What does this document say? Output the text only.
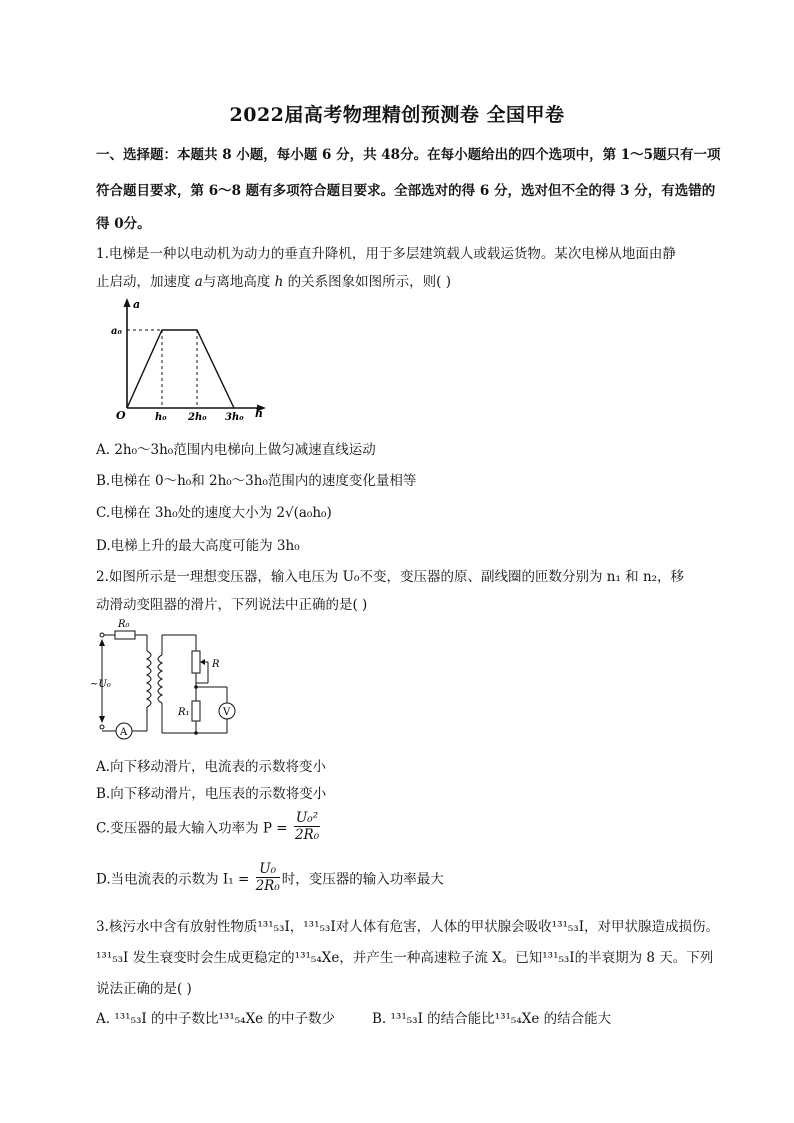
2022届高考物理精创预测卷 全国甲卷
一、选择题：本题共 8 小题，每小题 6 分，共 48分。在每小题给出的四个选项中，第 1～5题只有一项
符合题目要求，第 6～8 题有多项符合题目要求。全部选对的得 6 分，选对但不全的得 3 分，有选错的
得 0分。
1.电梯是一种以电动机为动力的垂直升降机，用于多层建筑载人或载运货物。某次电梯从地面由静
止启动，加速度 a与离地高度 h 的关系图象如图所示，则( )
a
h
O
a₀
h₀ 2h₀ 3h₀
A. 2h₀～3h₀范围内电梯向上做匀减速直线运动
B.电梯在 0～h₀和 2h₀～3h₀范围内的速度变化量相等
C.电梯在 3h₀处的速度大小为 2√(a₀h₀)
D.电梯上升的最大高度可能为 3h₀
2.如图所示是一理想变压器，输入电压为 U₀不变，变压器的原、副线圈的匝数分别为 n₁ 和 n₂，移
动滑动变阻器的滑片，下列说法中正确的是( )
R₀
~U₀
R
R₁
A
V
A.向下移动滑片，电流表的示数将变小
B.向下移动滑片，电压表的示数将变小
C.变压器的最大输入功率为 $P = \frac{\text{U₀²}}{\text{2R₀}}$
D.当电流表的示数为 $I_1 = \frac{\text{U₀}}{\text{2R₀}}$ 时，变压器的输入功率最大
3.核污水中含有放射性物质¹³¹₅₃I，¹³¹₅₃I对人体有危害，人体的甲状腺会吸收¹³¹₅₃I，对甲状腺造成损伤。
¹³¹₅₃I 发生衰变时会生成更稳定的¹³¹₅₄Xe，并产生一种高速粒子流 X。已知¹³¹₅₃I的半衰期为 8 天。下列
说法正确的是( )
A. ¹³¹₅₃I 的中子数比¹³¹₅₄Xe 的中子数少	B. ¹³¹₅₃I 的结合能比¹³¹₅₄Xe 的结合能大
